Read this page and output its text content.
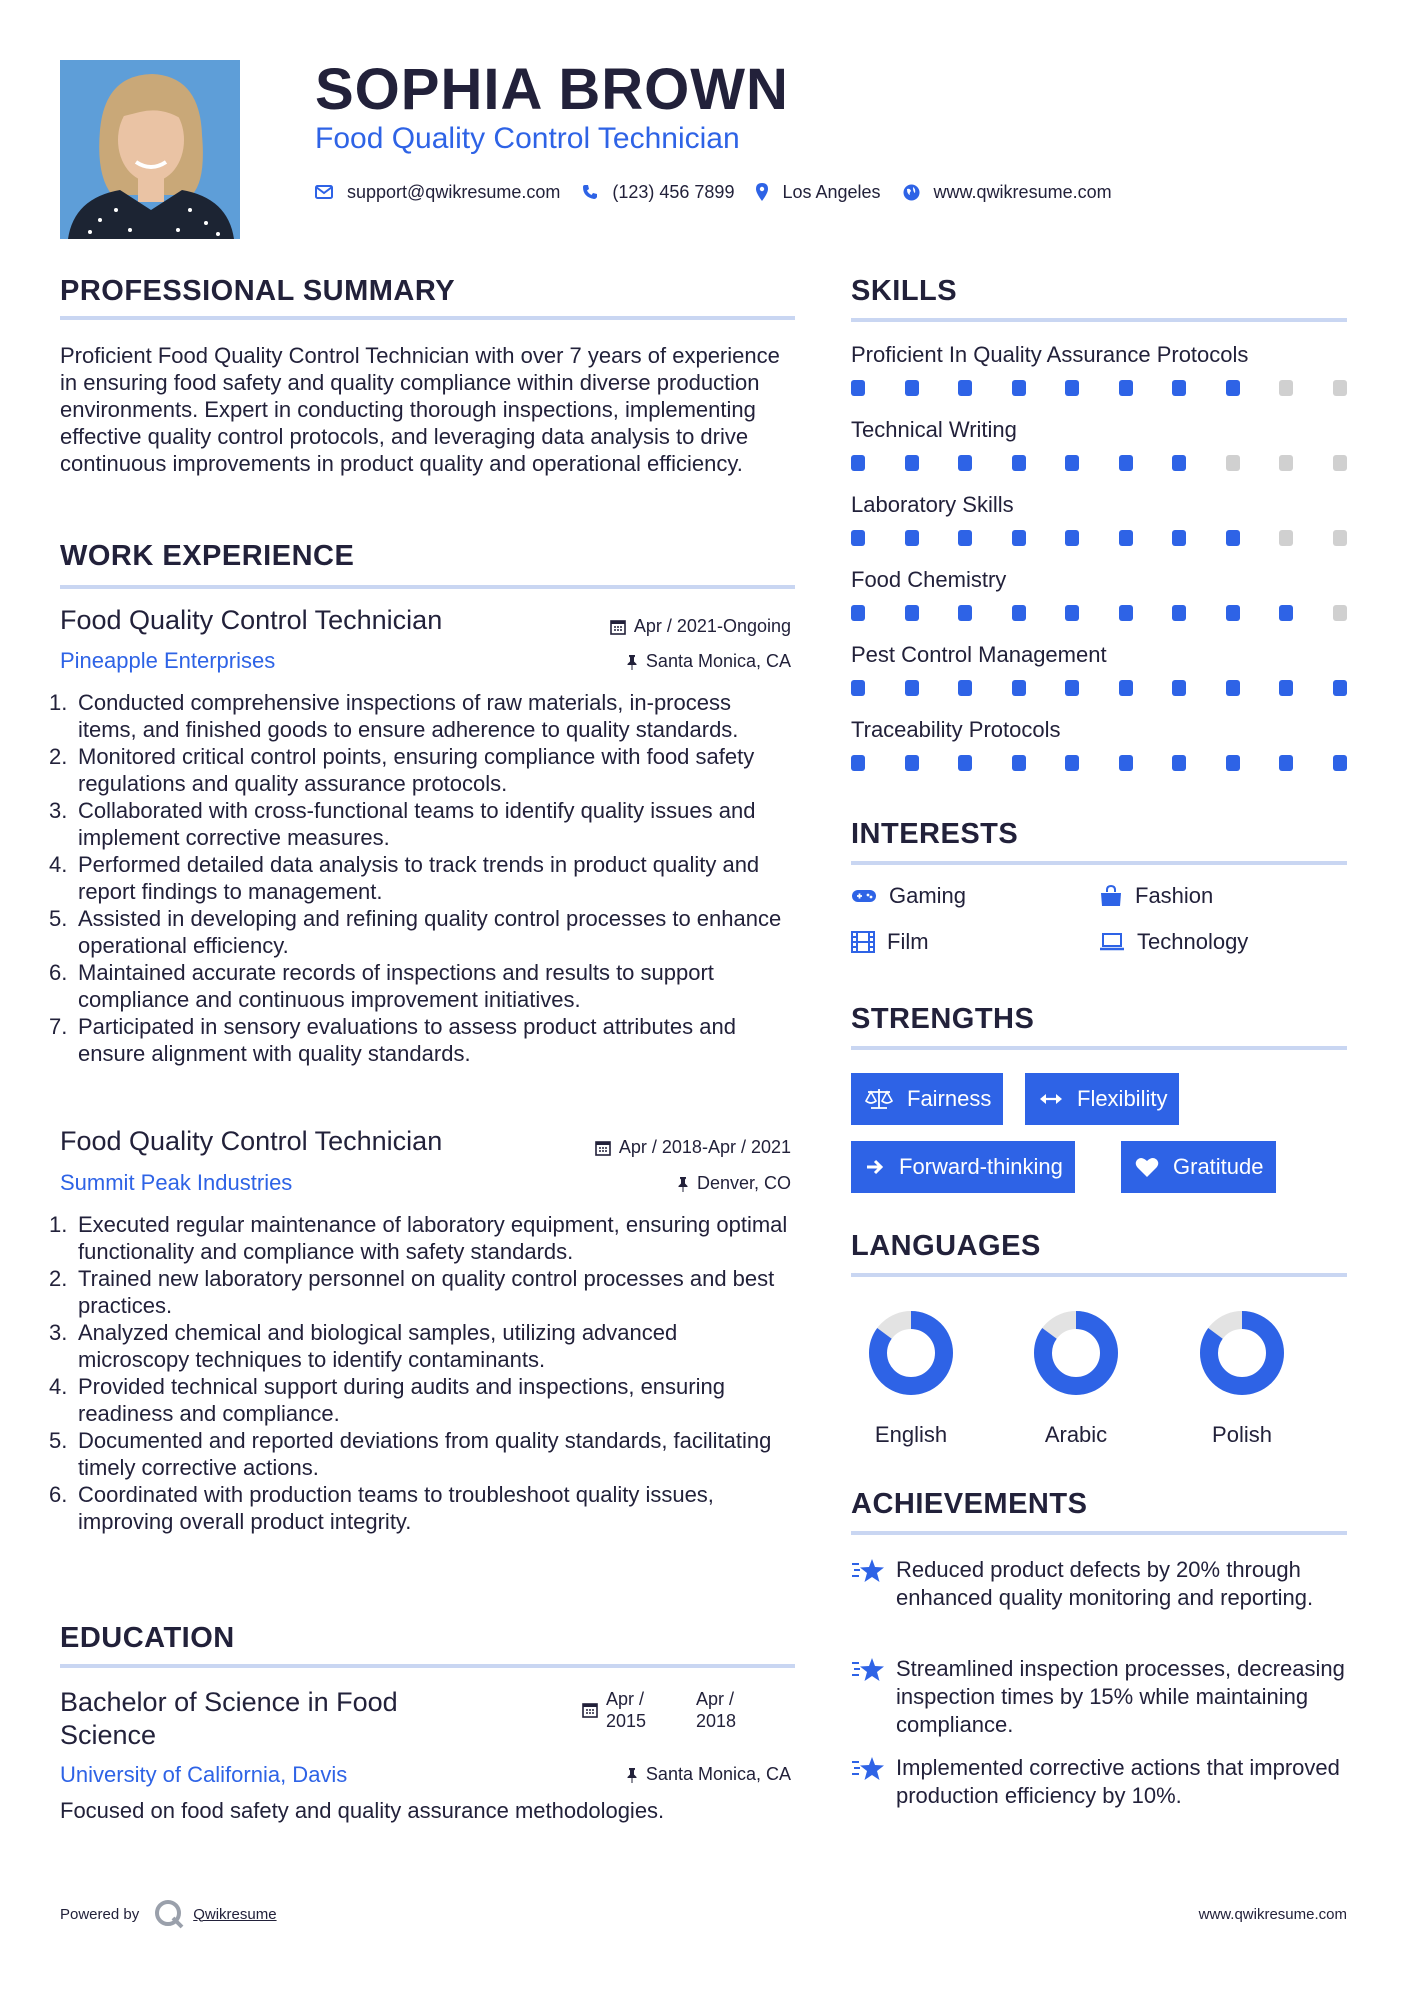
SOPHIA BROWN
Food Quality Control Technician
support@qwikresume.com	(123) 456 7899	Los Angeles	www.qwikresume.com
PROFESSIONAL SUMMARY
Proficient Food Quality Control Technician with over 7 years of experience in ensuring food safety and quality compliance within diverse production environments. Expert in conducting thorough inspections, implementing effective quality control protocols, and leveraging data analysis to drive continuous improvements in product quality and operational efficiency.
WORK EXPERIENCE
Food Quality Control Technician	Apr / 2021-Ongoing
Pineapple Enterprises	Santa Monica, CA
1. Conducted comprehensive inspections of raw materials, in-process items, and finished goods to ensure adherence to quality standards.
2. Monitored critical control points, ensuring compliance with food safety regulations and quality assurance protocols.
3. Collaborated with cross-functional teams to identify quality issues and implement corrective measures.
4. Performed detailed data analysis to track trends in product quality and report findings to management.
5. Assisted in developing and refining quality control processes to enhance operational efficiency.
6. Maintained accurate records of inspections and results to support compliance and continuous improvement initiatives.
7. Participated in sensory evaluations to assess product attributes and ensure alignment with quality standards.
Food Quality Control Technician	Apr / 2018-Apr / 2021
Summit Peak Industries	Denver, CO
1. Executed regular maintenance of laboratory equipment, ensuring optimal functionality and compliance with safety standards.
2. Trained new laboratory personnel on quality control processes and best practices.
3. Analyzed chemical and biological samples, utilizing advanced microscopy techniques to identify contaminants.
4. Provided technical support during audits and inspections, ensuring readiness and compliance.
5. Documented and reported deviations from quality standards, facilitating timely corrective actions.
6. Coordinated with production teams to troubleshoot quality issues, improving overall product integrity.
EDUCATION
Bachelor of Science in Food Science
Apr /
2015
Apr /
2018
University of California, Davis	Santa Monica, CA
Focused on food safety and quality assurance methodologies.
SKILLS
Proficient In Quality Assurance Protocols
Technical Writing
Laboratory Skills
Food Chemistry
Pest Control Management
Traceability Protocols
INTERESTS
Gaming	Fashion
Film	Technology
STRENGTHS
Fairness	Flexibility
Forward-thinking	Gratitude
LANGUAGES
English	Arabic	Polish
ACHIEVEMENTS
Reduced product defects by 20% through enhanced quality monitoring and reporting.
Streamlined inspection processes, decreasing inspection times by 15% while maintaining compliance.
Implemented corrective actions that improved production efficiency by 10%.
Powered by	Qwikresume	www.qwikresume.com
